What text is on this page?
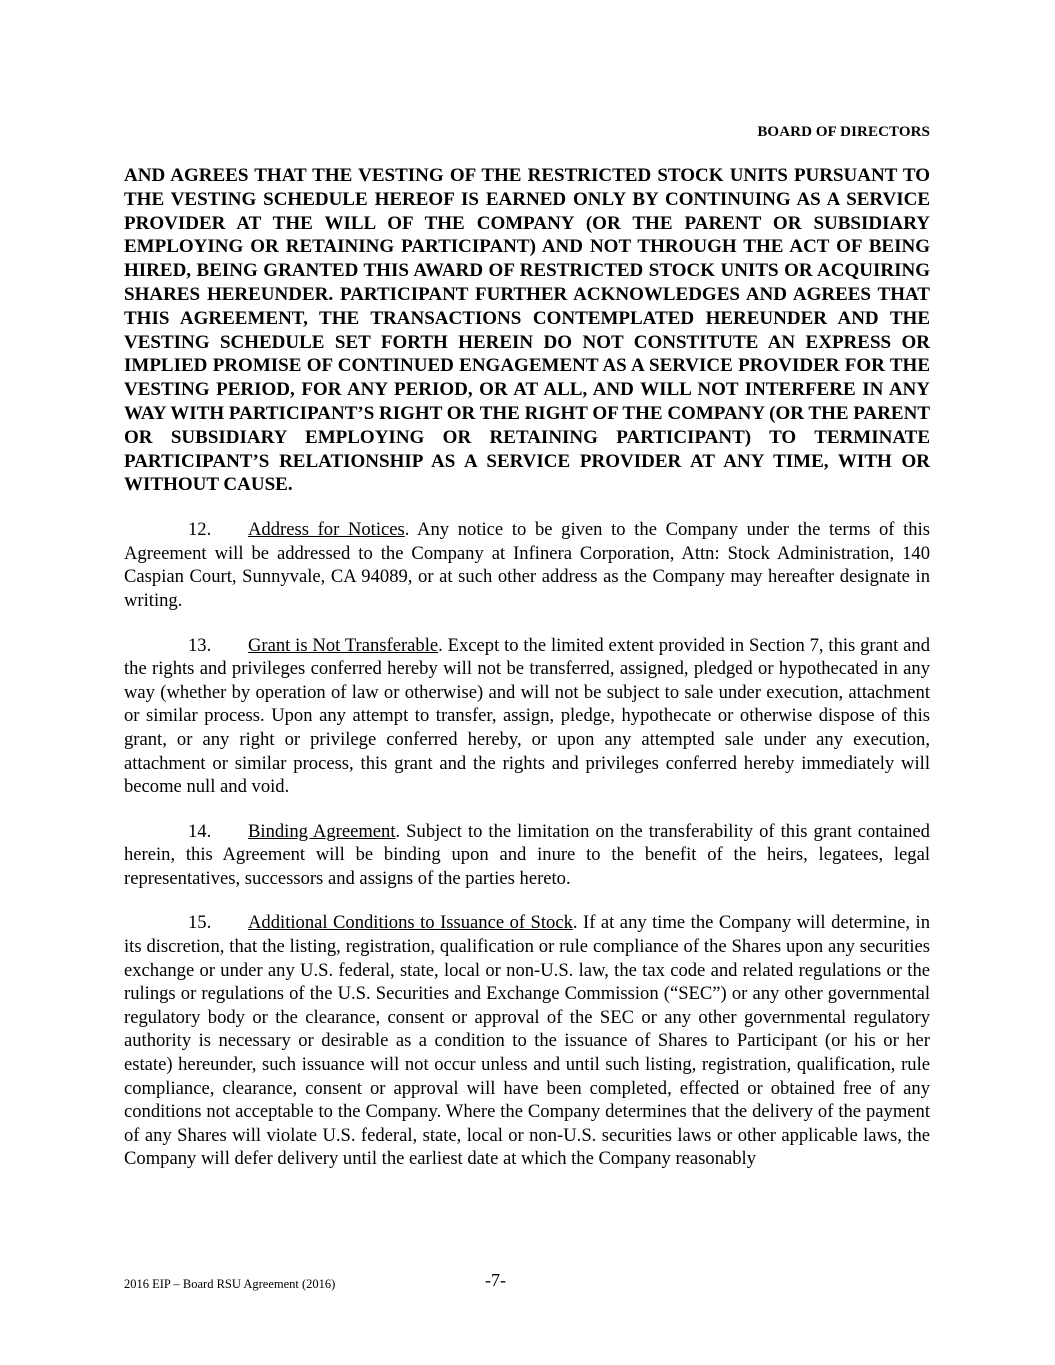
BOARD OF DIRECTORS

AND AGREES THAT THE VESTING OF THE RESTRICTED STOCK UNITS PURSUANT TO THE VESTING SCHEDULE HEREOF IS EARNED ONLY BY CONTINUING AS A SERVICE PROVIDER AT THE WILL OF THE COMPANY (OR THE PARENT OR SUBSIDIARY EMPLOYING OR RETAINING PARTICIPANT) AND NOT THROUGH THE ACT OF BEING HIRED, BEING GRANTED THIS AWARD OF RESTRICTED STOCK UNITS OR ACQUIRING SHARES HEREUNDER. PARTICIPANT FURTHER ACKNOWLEDGES AND AGREES THAT THIS AGREEMENT, THE TRANSACTIONS CONTEMPLATED HEREUNDER AND THE VESTING SCHEDULE SET FORTH HEREIN DO NOT CONSTITUTE AN EXPRESS OR IMPLIED PROMISE OF CONTINUED ENGAGEMENT AS A SERVICE PROVIDER FOR THE VESTING PERIOD, FOR ANY PERIOD, OR AT ALL, AND WILL NOT INTERFERE IN ANY WAY WITH PARTICIPANT’S RIGHT OR THE RIGHT OF THE COMPANY (OR THE PARENT OR SUBSIDIARY EMPLOYING OR RETAINING PARTICIPANT) TO TERMINATE PARTICIPANT’S RELATIONSHIP AS A SERVICE PROVIDER AT ANY TIME, WITH OR WITHOUT CAUSE.

12. Address for Notices. Any notice to be given to the Company under the terms of this Agreement will be addressed to the Company at Infinera Corporation, Attn: Stock Administration, 140 Caspian Court, Sunnyvale, CA 94089, or at such other address as the Company may hereafter designate in writing.

13. Grant is Not Transferable. Except to the limited extent provided in Section 7, this grant and the rights and privileges conferred hereby will not be transferred, assigned, pledged or hypothecated in any way (whether by operation of law or otherwise) and will not be subject to sale under execution, attachment or similar process. Upon any attempt to transfer, assign, pledge, hypothecate or otherwise dispose of this grant, or any right or privilege conferred hereby, or upon any attempted sale under any execution, attachment or similar process, this grant and the rights and privileges conferred hereby immediately will become null and void.

14. Binding Agreement. Subject to the limitation on the transferability of this grant contained herein, this Agreement will be binding upon and inure to the benefit of the heirs, legatees, legal representatives, successors and assigns of the parties hereto.

15. Additional Conditions to Issuance of Stock. If at any time the Company will determine, in its discretion, that the listing, registration, qualification or rule compliance of the Shares upon any securities exchange or under any U.S. federal, state, local or non-U.S. law, the tax code and related regulations or the rulings or regulations of the U.S. Securities and Exchange Commission (“SEC”) or any other governmental regulatory body or the clearance, consent or approval of the SEC or any other governmental regulatory authority is necessary or desirable as a condition to the issuance of Shares to Participant (or his or her estate) hereunder, such issuance will not occur unless and until such listing, registration, qualification, rule compliance, clearance, consent or approval will have been completed, effected or obtained free of any conditions not acceptable to the Company. Where the Company determines that the delivery of the payment of any Shares will violate U.S. federal, state, local or non-U.S. securities laws or other applicable laws, the Company will defer delivery until the earliest date at which the Company reasonably

2016 EIP – Board RSU Agreement (2016)	-7-
